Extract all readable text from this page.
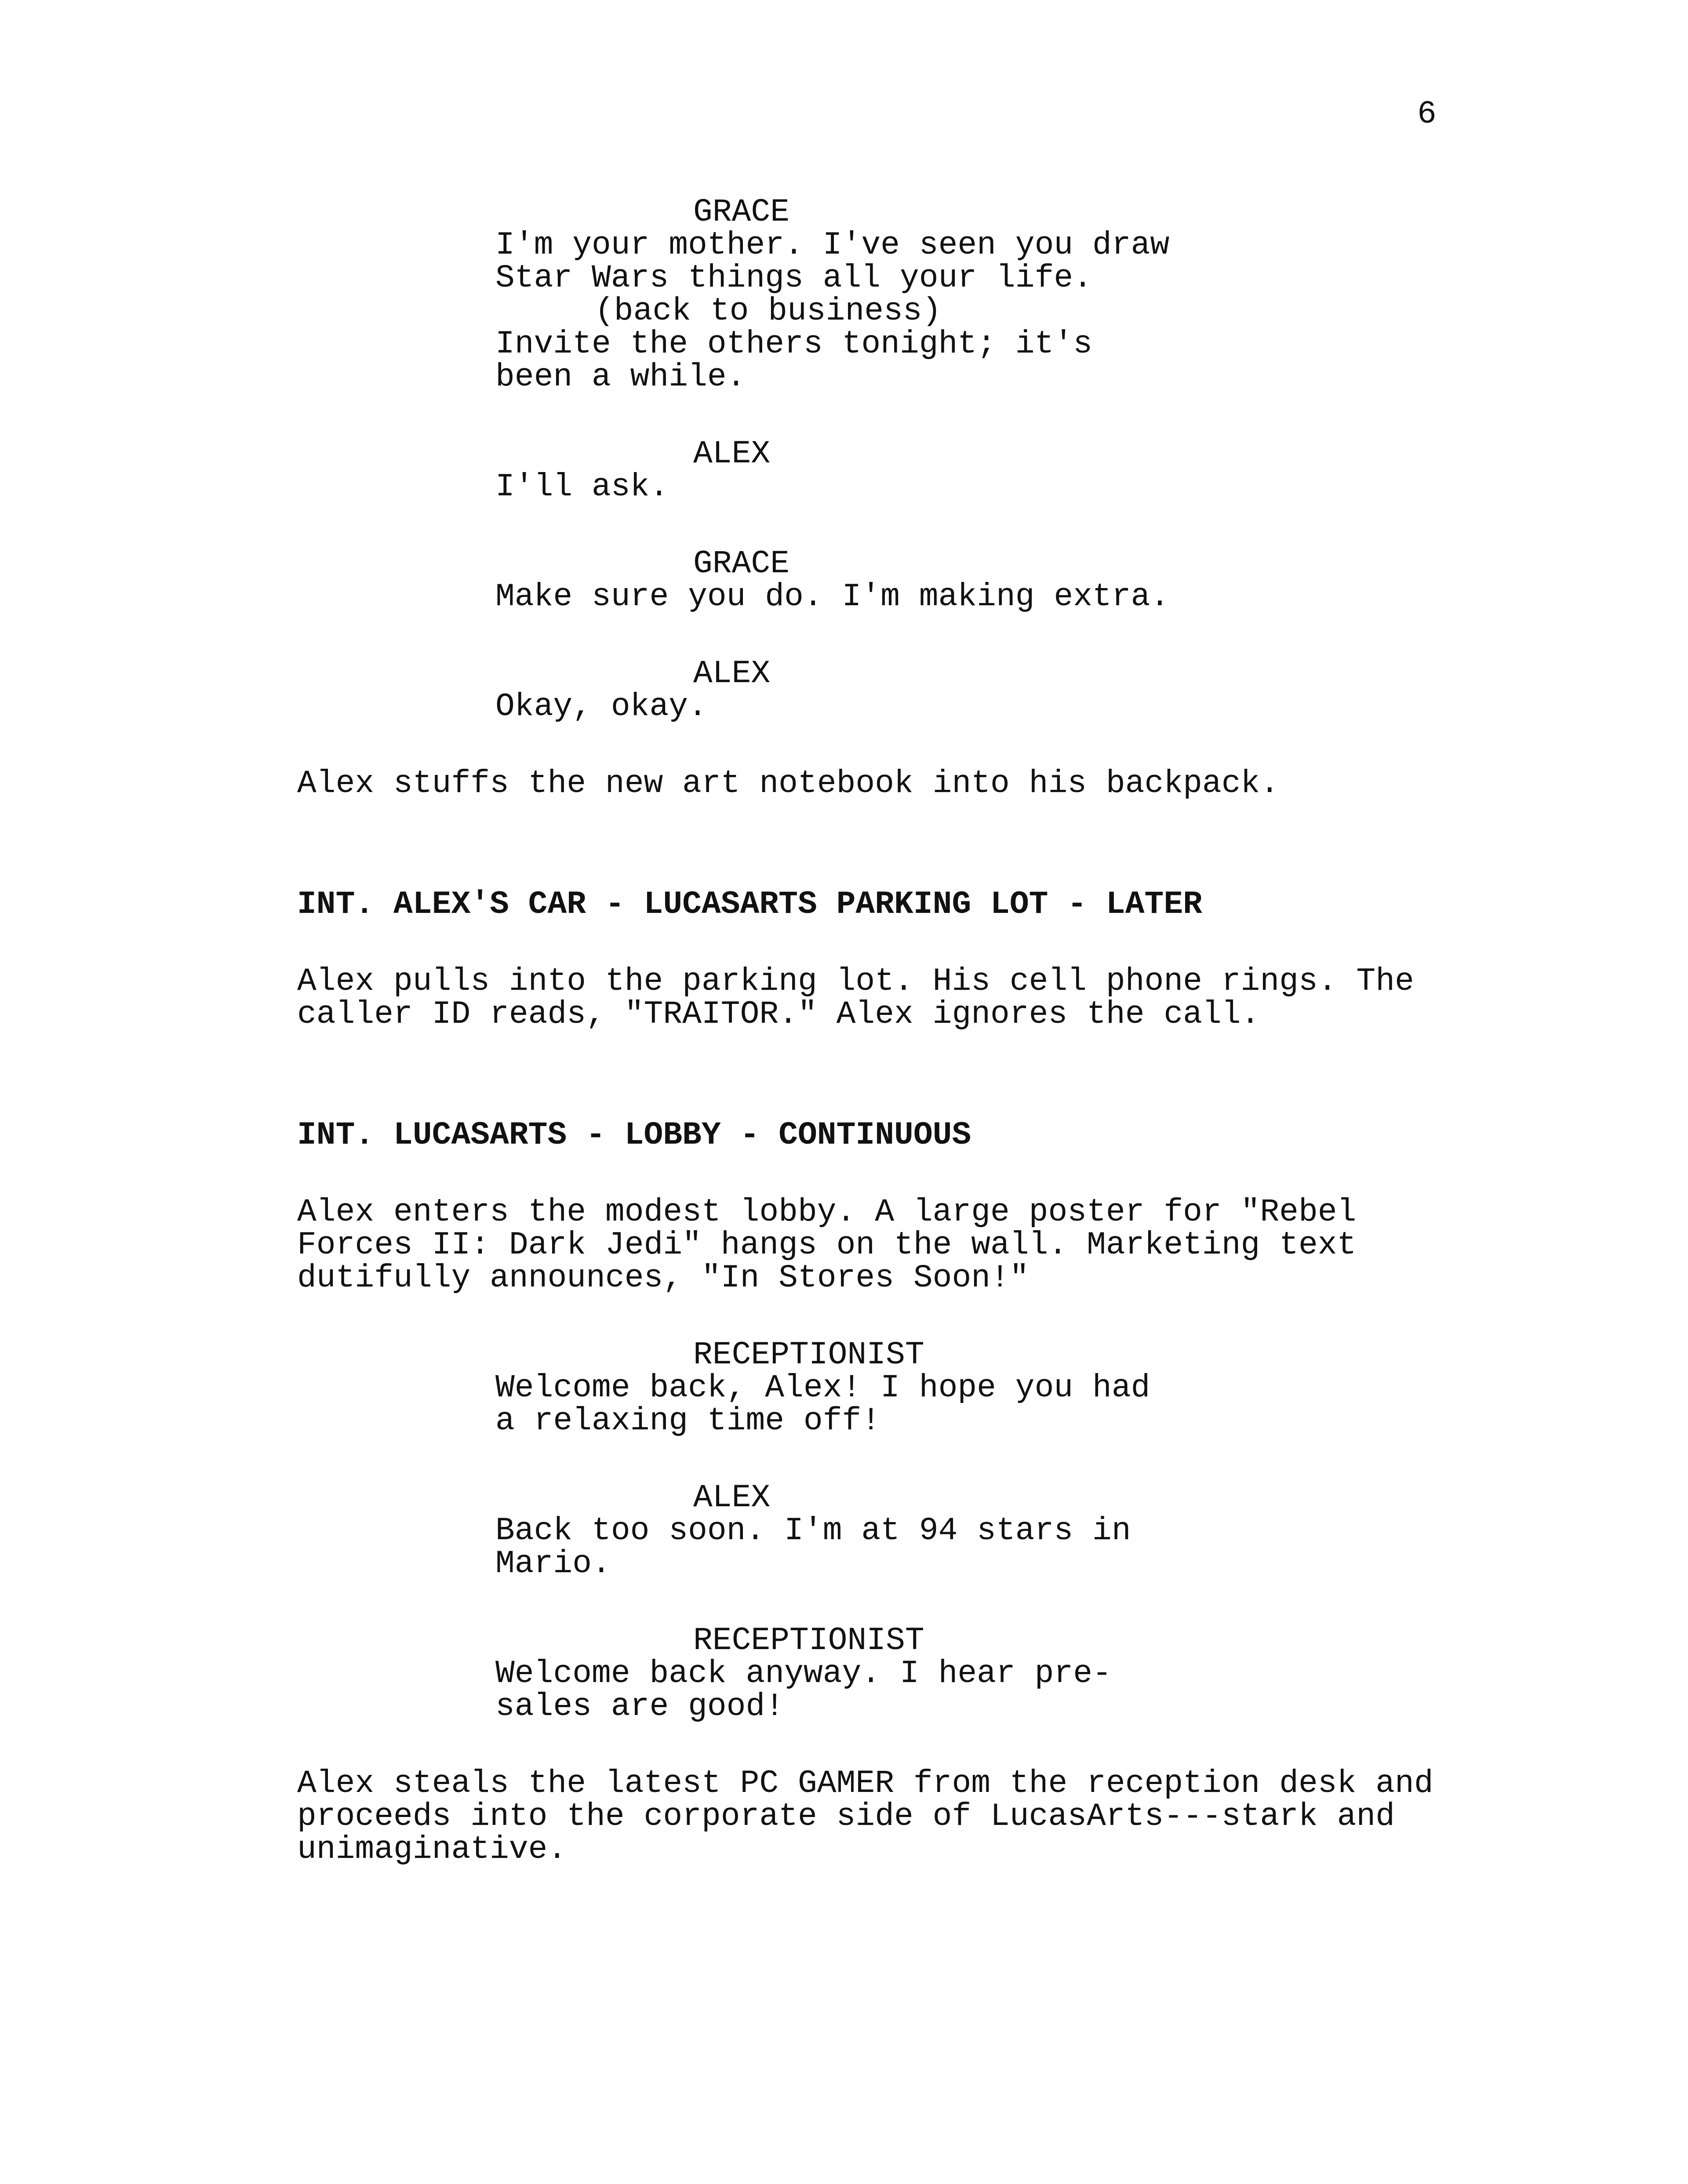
6
GRACE
I'm your mother. I've seen you draw
Star Wars things all your life.
(back to business)
Invite the others tonight; it's
been a while.
ALEX
I'll ask.
GRACE
Make sure you do. I'm making extra.
ALEX
Okay, okay.
Alex stuffs the new art notebook into his backpack.
INT. ALEX'S CAR - LUCASARTS PARKING LOT - LATER
Alex pulls into the parking lot. His cell phone rings. The
caller ID reads, "TRAITOR." Alex ignores the call.
INT. LUCASARTS - LOBBY - CONTINUOUS
Alex enters the modest lobby. A large poster for "Rebel
Forces II: Dark Jedi" hangs on the wall. Marketing text
dutifully announces, "In Stores Soon!"
RECEPTIONIST
Welcome back, Alex! I hope you had
a relaxing time off!
ALEX
Back too soon. I'm at 94 stars in
Mario.
RECEPTIONIST
Welcome back anyway. I hear pre-
sales are good!
Alex steals the latest PC GAMER from the reception desk and
proceeds into the corporate side of LucasArts---stark and
unimaginative.
